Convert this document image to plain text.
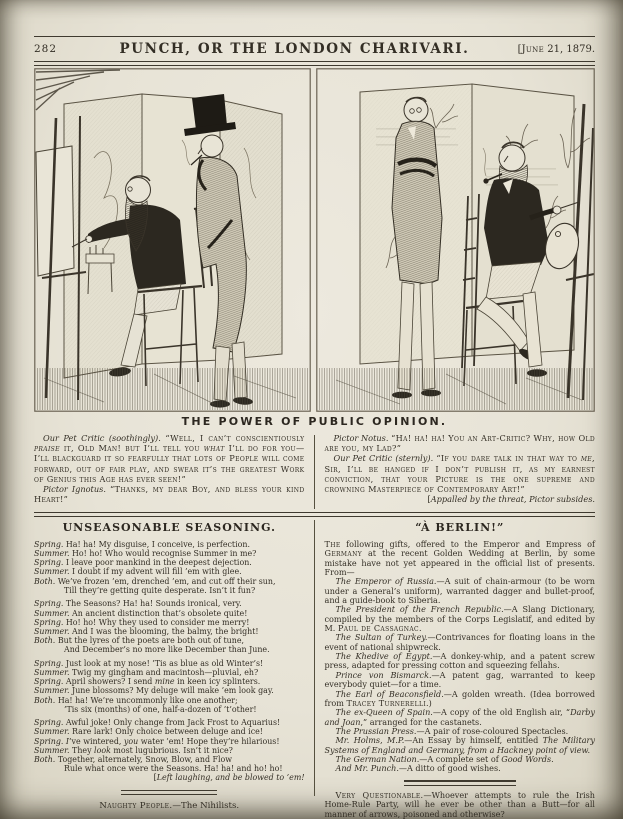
282	PUNCH, OR THE LONDON CHARIVARI.	[June 21, 1879.
THE POWER OF PUBLIC OPINION.
Our Pet Critic (soothingly). “Well, I can’t conscientiously praise it, Old Man! but I’ll tell you what I’ll do for you—I’ll blackguard it so fearfully that lots of People will come forward, out of fair play, and swear it’s the greatest Work of Genius this Age has ever seen!”
Pictor Ignotus. “Thanks, my dear Boy, and bless your kind Heart!”
Pictor Notus. “Ha! ha! ha! You an Art-Critic? Why, how Old are you, my Lad?”
Our Pet Critic (sternly). “If you dare talk in that way to me, Sir, I’ll be hanged if I don’t publish it, as my earnest conviction, that your Picture is the one supreme and crowning Masterpiece of Contemporary Art!”
[Appalled by the threat, Pictor subsides.
UNSEASONABLE SEASONING.
Spring. Ha! ha! My disguise, I conceive, is perfection.
Summer. Ho! ho! Who would recognise Summer in me?
Spring. I leave poor mankind in the deepest dejection.
Summer. I doubt if my advent will fill ’em with glee.
Both. We’ve frozen ’em, drenched ’em, and cut off their sun,
Till they’re getting quite desperate. Isn’t it fun?
Spring. The Seasons? Ha! ha! Sounds ironical, very.
Summer. An ancient distinction that’s obsolete quite!
Spring. Ho! ho! Why they used to consider me merry!
Summer. And I was the blooming, the balmy, the bright!
Both. But the lyres of the poets are both out of tune,
And December’s no more like December than June.
Spring. Just look at my nose! ’Tis as blue as old Winter’s!
Summer. Twig my gingham and macintosh—pluvial, eh?
Spring. April showers? I send mine in keen icy splinters.
Summer. June blossoms? My deluge will make ’em look gay.
Both. Ha! ha! We’re uncommonly like one another;
’Tis six (months) of one, half-a-dozen of ’t’other!
Spring. Awful joke! Only change from Jack Frost to Aquarius!
Summer. Rare lark! Only choice between deluge and ice!
Spring. I’ve wintered, you water ’em! Hope they’re hilarious!
Summer. They look most lugubrious. Isn’t it nice?
Both. Together, alternately, Snow, Blow, and Flow
Rule what once were the Seasons. Ha! ha! and ho! ho!
[Left laughing, and be blowed to ’em!
Naughty People.—The Nihilists.
“À BERLIN!”
The following gifts, offered to the Emperor and Empress of Germany at the recent Golden Wedding at Berlin, by some mistake have not yet appeared in the official list of presents. From—
The Emperor of Russia.—A suit of chain-armour (to be worn under a General’s uniform), warranted dagger and bullet-proof, and a guide-book to Siberia.
The President of the French Republic.—A Slang Dictionary, compiled by the members of the Corps Legislatif, and edited by M. Paul de Cassagnac.
The Sultan of Turkey.—Contrivances for floating loans in the event of national shipwreck.
The Khedive of Egypt.—A donkey-whip, and a patent screw press, adapted for pressing cotton and squeezing fellahs.
Prince von Bismarck.—A patent gag, warranted to keep everybody quiet—for a time.
The Earl of Beaconsfield.—A golden wreath. (Idea borrowed from Tracey Turnerelli.)
The ex-Queen of Spain.—A copy of the old English air, “Darby and Joan,” arranged for the castanets.
The Prussian Press.—A pair of rose-coloured Spectacles.
Mr. Holms, M.P.—An Essay by himself, entitled The Military Systems of England and Germany, from a Hackney point of view.
The German Nation.—A complete set of Good Words.
And Mr. Punch.—A ditto of good wishes.
Very Questionable.—Whoever attempts to rule the Irish Home-Rule Party, will he ever be other than a Butt—for all manner of arrows, poisoned and otherwise?
